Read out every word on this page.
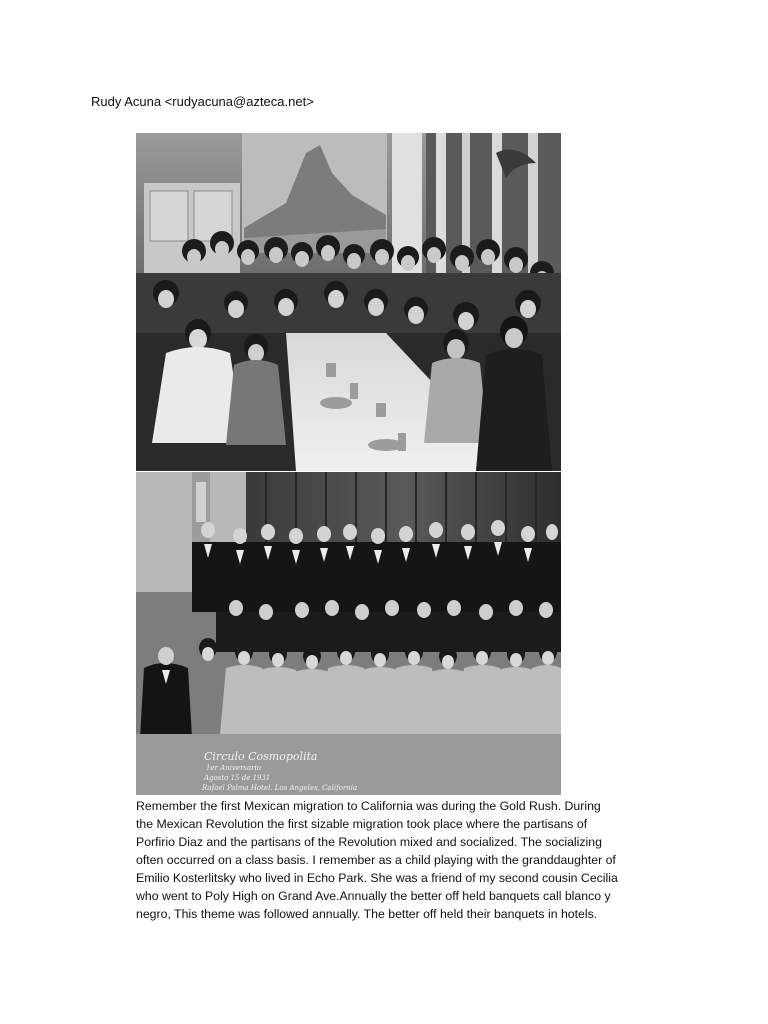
Rudy Acuna <rudyacuna@azteca.net>
Circulo Cosmopolita
1er Aniversario
Agosto 15 de 1931
Rafael Palma Hotel. Los Angeles, California

Remember the first Mexican migration to California was during the Gold Rush. During
the Mexican Revolution the first sizable migration took place where the partisans of
Porfirio Diaz and the partisans of the Revolution mixed and socialized. The socializing
often occurred on a class basis. I remember as a child playing with the granddaughter of
Emilio Kosterlitsky who lived in Echo Park. She was a friend of my second cousin Cecilia
who went to Poly High on Grand Ave.Annually the better off held banquets call blanco y
negro, This theme was followed annually. The better off held their banquets in hotels.
